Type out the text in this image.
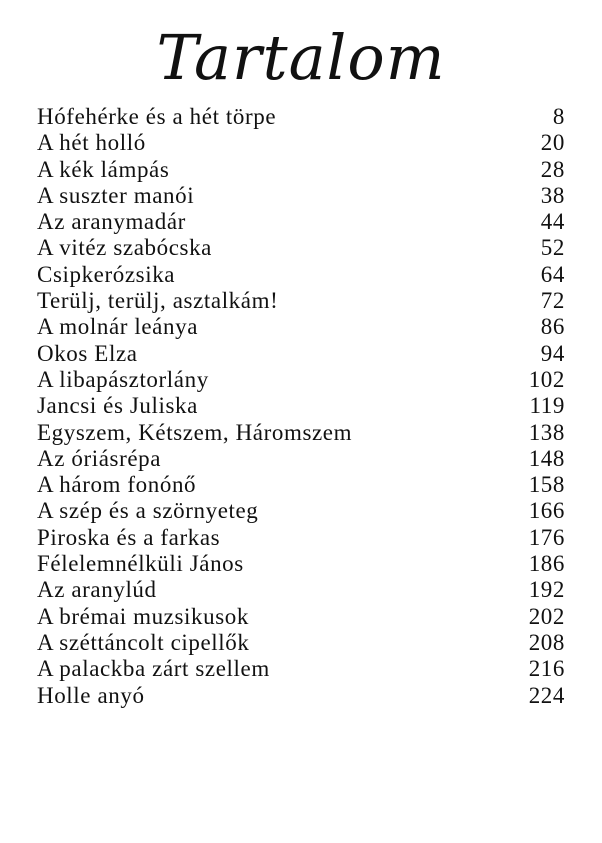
Tartalom
Hófehérke és a hét törpe	8
A hét holló	20
A kék lámpás	28
A suszter manói	38
Az aranymadár	44
A vitéz szabócska	52
Csipkerózsika	64
Terülj, terülj, asztalkám!	72
A molnár leánya	86
Okos Elza	94
A libapásztorlány	102
Jancsi és Juliska	119
Egyszem, Kétszem, Háromszem	138
Az óriásrépa	148
A három fonónő	158
A szép és a szörnyeteg	166
Piroska és a farkas	176
Félelemnélküli János	186
Az aranylúd	192
A brémai muzsikusok	202
A széttáncolt cipellők	208
A palackba zárt szellem	216
Holle anyó	224
